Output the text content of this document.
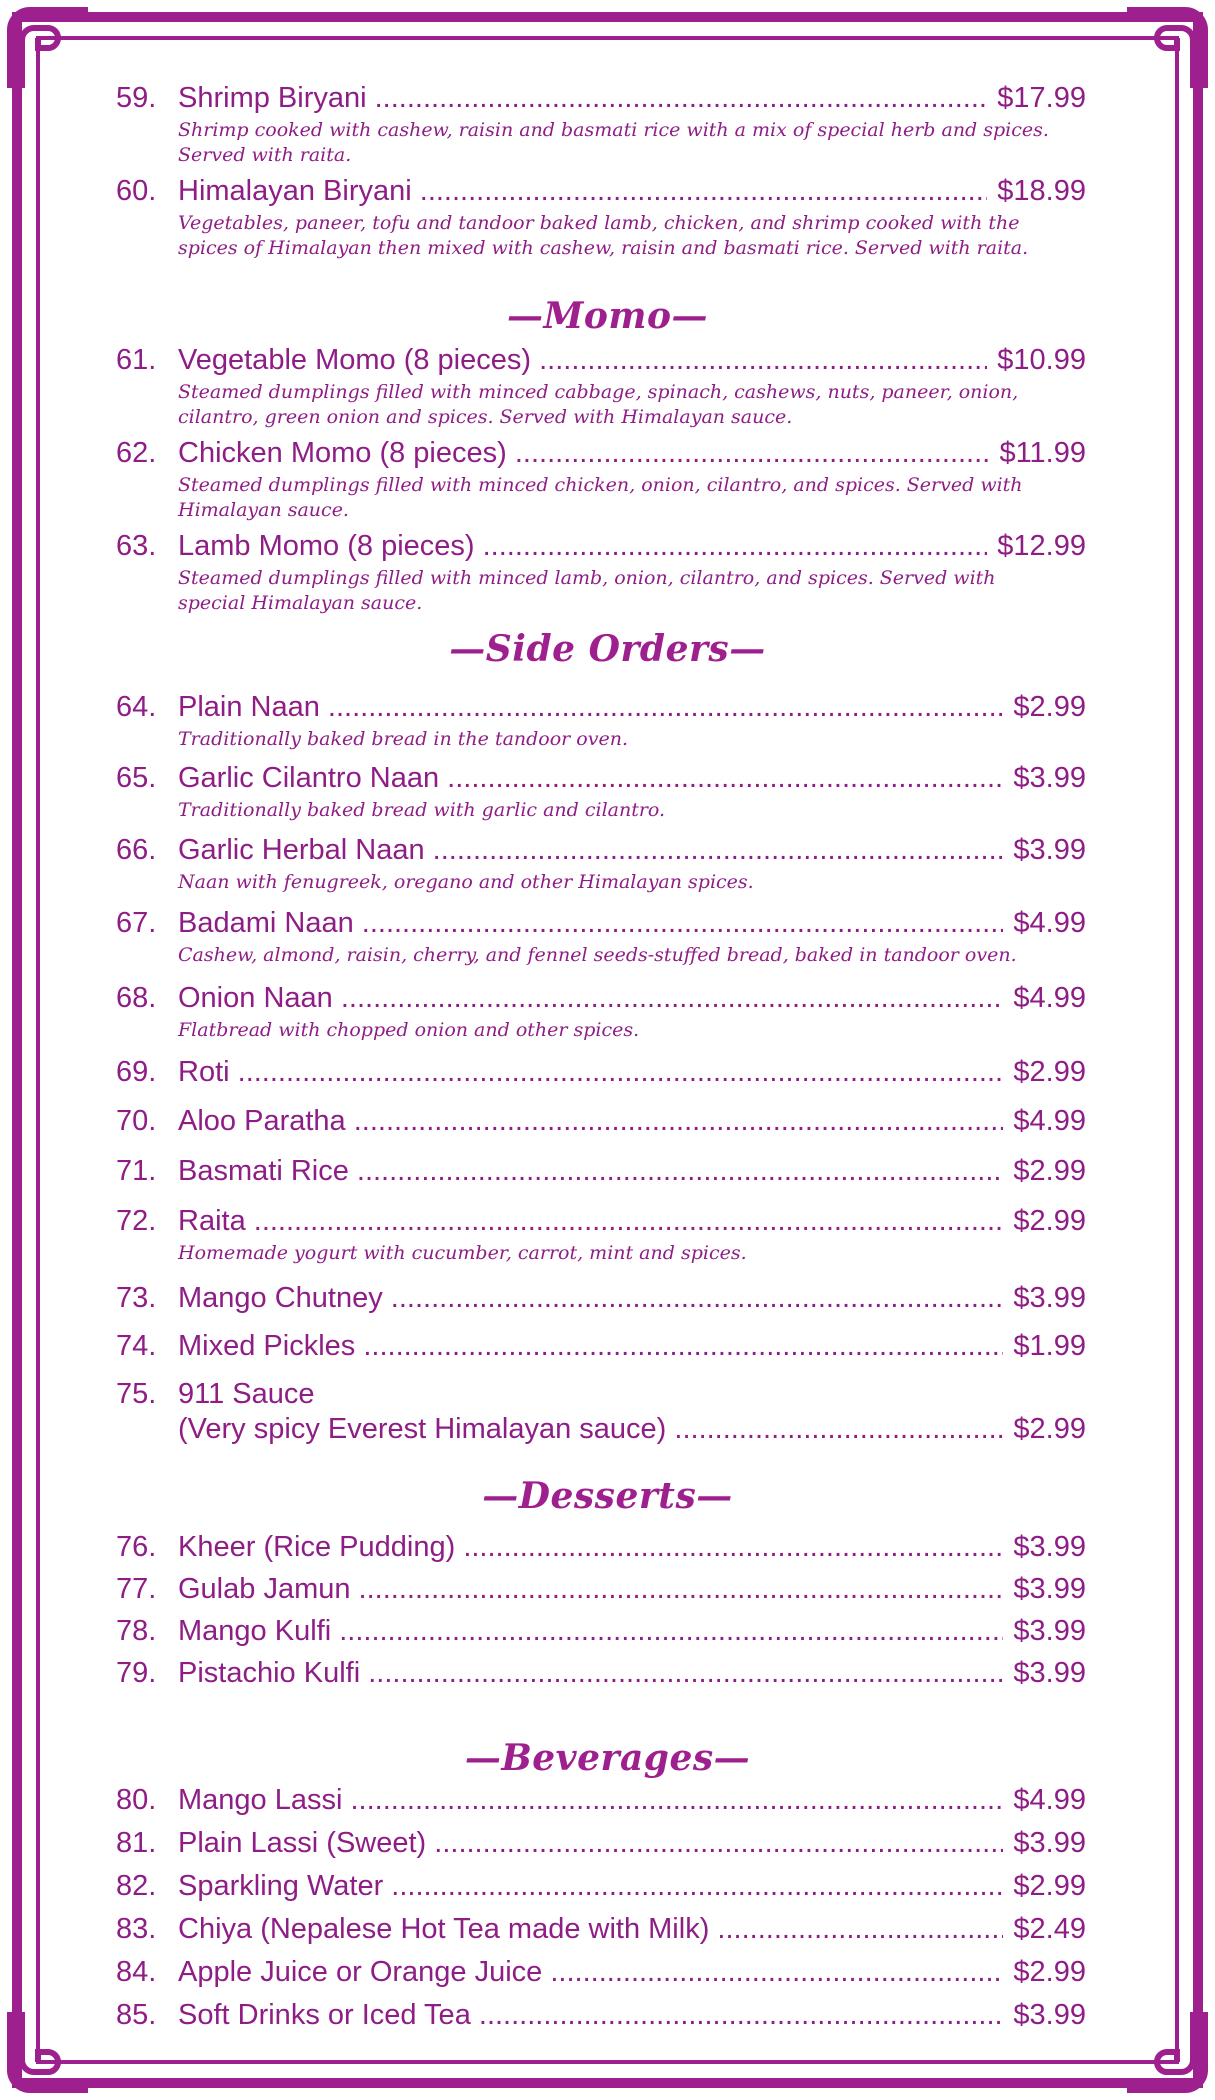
59. Shrimp Biryani .....	$17.99
Shrimp cooked with cashew, raisin and basmati rice with a mix of special herb and spices. Served with raita.
60. Himalayan Biryani .....	$18.99
Vegetables, paneer, tofu and tandoor baked lamb, chicken, and shrimp cooked with the spices of Himalayan then mixed with cashew, raisin and basmati rice. Served with raita.
—Momo—
61. Vegetable Momo (8 pieces) .....	$10.99
Steamed dumplings filled with minced cabbage, spinach, cashews, nuts, paneer, onion, cilantro, green onion and spices. Served with Himalayan sauce.
62. Chicken Momo (8 pieces) .....	$11.99
Steamed dumplings filled with minced chicken, onion, cilantro, and spices. Served with Himalayan sauce.
63. Lamb Momo (8 pieces) .....	$12.99
Steamed dumplings filled with minced lamb, onion, cilantro, and spices. Served with special Himalayan sauce.
—Side Orders—
64. Plain Naan .....	$2.99
Traditionally baked bread in the tandoor oven.
65. Garlic Cilantro Naan .....	$3.99
Traditionally baked bread with garlic and cilantro.
66. Garlic Herbal Naan .....	$3.99
Naan with fenugreek, oregano and other Himalayan spices.
67. Badami Naan .....	$4.99
Cashew, almond, raisin, cherry, and fennel seeds-stuffed bread, baked in tandoor oven.
68. Onion Naan .....	$4.99
Flatbread with chopped onion and other spices.
69. Roti .....	$2.99
70. Aloo Paratha .....	$4.99
71. Basmati Rice .....	$2.99
72. Raita .....	$2.99
Homemade yogurt with cucumber, carrot, mint and spices.
73. Mango Chutney .....	$3.99
74. Mixed Pickles .....	$1.99
75. 911 Sauce
(Very spicy Everest Himalayan sauce) .....	$2.99
—Desserts—
76. Kheer (Rice Pudding) .....	$3.99
77. Gulab Jamun .....	$3.99
78. Mango Kulfi .....	$3.99
79. Pistachio Kulfi .....	$3.99
—Beverages—
80. Mango Lassi .....	$4.99
81. Plain Lassi (Sweet) .....	$3.99
82. Sparkling Water .....	$2.99
83. Chiya (Nepalese Hot Tea made with Milk) .....	$2.49
84. Apple Juice or Orange Juice .....	$2.99
85. Soft Drinks or Iced Tea .....	$3.99
